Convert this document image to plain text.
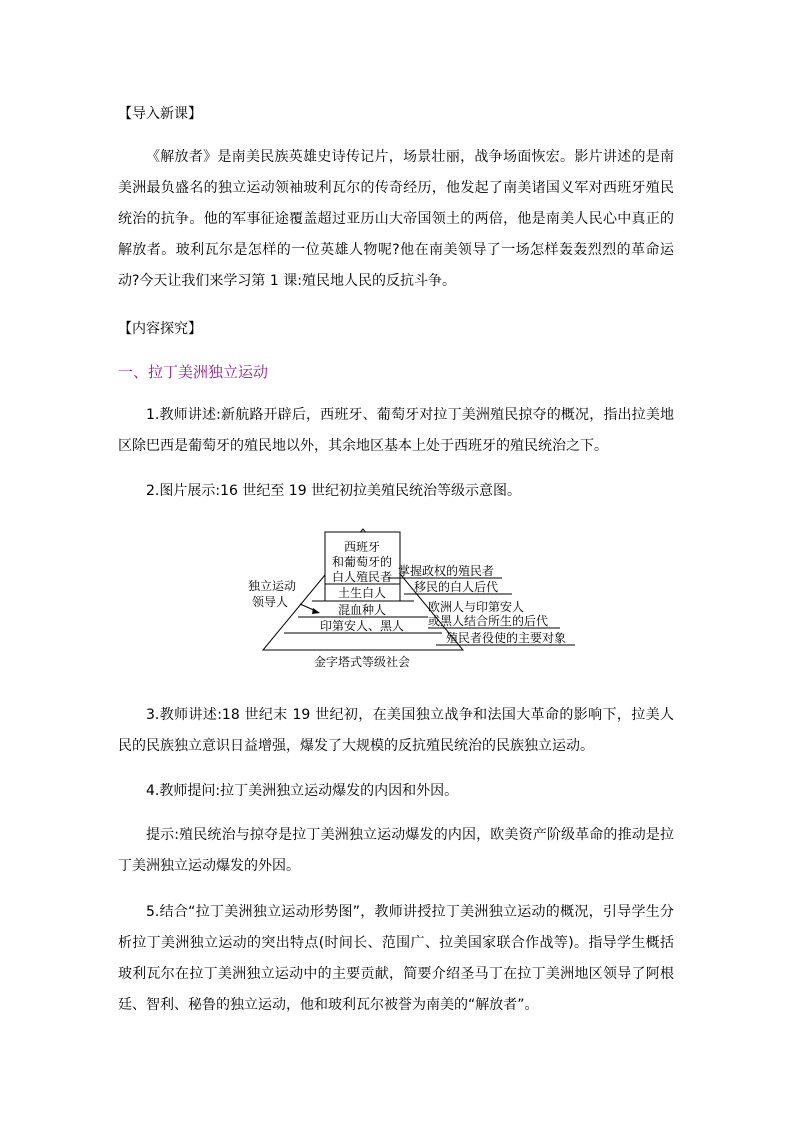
【导入新课】

《解放者》是南美民族英雄史诗传记片，场景壮丽，战争场面恢宏。影片讲述的是南美洲最负盛名的独立运动领袖玻利瓦尔的传奇经历，他发起了南美诸国义军对西班牙殖民统治的抗争。他的军事征途覆盖超过亚历山大帝国领土的两倍，他是南美人民心中真正的解放者。玻利瓦尔是怎样的一位英雄人物呢?他在南美领导了一场怎样轰轰烈烈的革命运动?今天让我们来学习第 1 课:殖民地人民的反抗斗争。

【内容探究】
一、拉丁美洲独立运动

1.教师讲述:新航路开辟后，西班牙、葡萄牙对拉丁美洲殖民掠夺的概况，指出拉美地区除巴西是葡萄牙的殖民地以外，其余地区基本上处于西班牙的殖民统治之下。

2.图片展示:16 世纪至 19 世纪初拉美殖民统治等级示意图。

西班牙
和葡萄牙的
白人殖民者
土生白人
混血种人
印第安人、黑人
金字塔式等级社会
独立运动
领导人
掌握政权的殖民者
移民的白人后代
欧洲人与印第安人
或黑人结合所生的后代
殖民者役使的主要对象

3.教师讲述:18 世纪末 19 世纪初，在美国独立战争和法国大革命的影响下，拉美人民的民族独立意识日益增强，爆发了大规模的反抗殖民统治的民族独立运动。

4.教师提问:拉丁美洲独立运动爆发的内因和外因。

提示:殖民统治与掠夺是拉丁美洲独立运动爆发的内因，欧美资产阶级革命的推动是拉丁美洲独立运动爆发的外因。

5.结合“拉丁美洲独立运动形势图”，教师讲授拉丁美洲独立运动的概况，引导学生分析拉丁美洲独立运动的突出特点(时间长、范围广、拉美国家联合作战等)。指导学生概括玻利瓦尔在拉丁美洲独立运动中的主要贡献，简要介绍圣马丁在拉丁美洲地区领导了阿根廷、智利、秘鲁的独立运动，他和玻利瓦尔被誉为南美的“解放者”。
